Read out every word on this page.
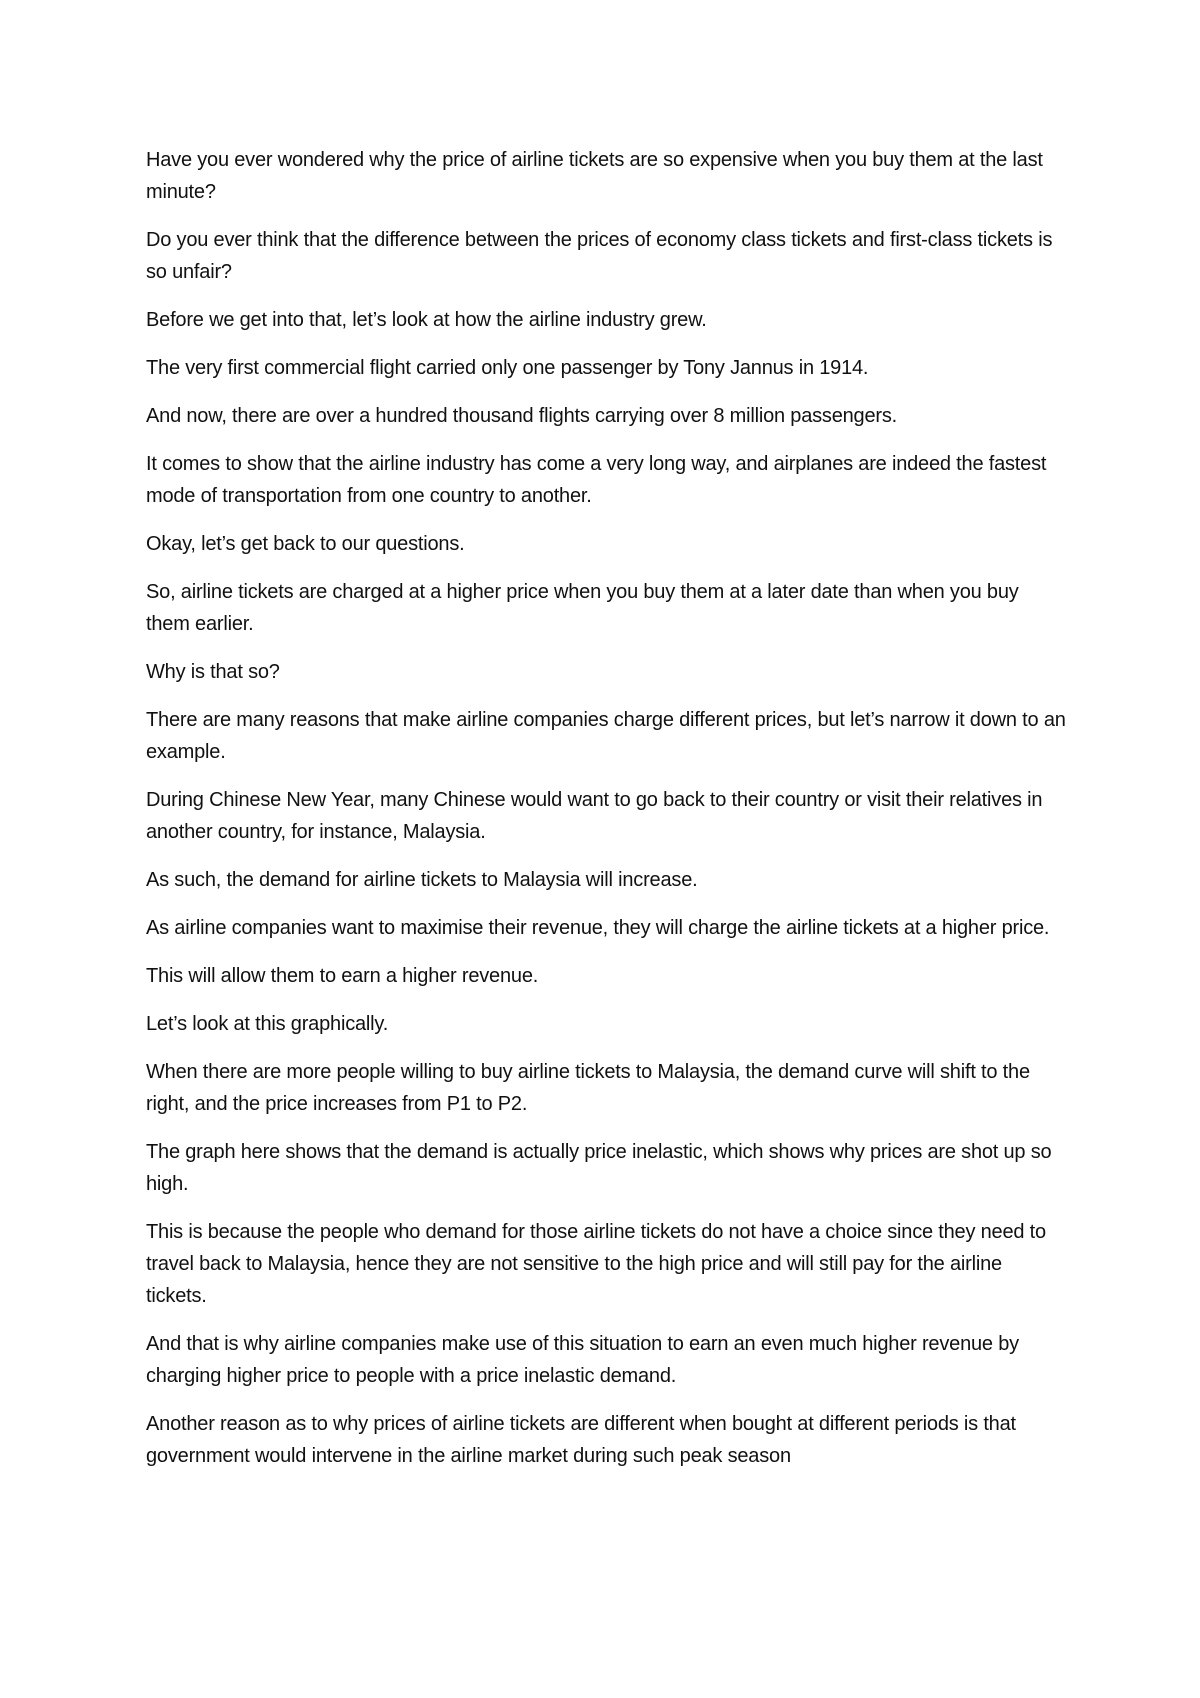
Have you ever wondered why the price of airline tickets are so expensive when you buy them at the last minute?

Do you ever think that the difference between the prices of economy class tickets and first-class tickets is so unfair?

Before we get into that, let’s look at how the airline industry grew.

The very first commercial flight carried only one passenger by Tony Jannus in 1914.

And now, there are over a hundred thousand flights carrying over 8 million passengers.

It comes to show that the airline industry has come a very long way, and airplanes are indeed the fastest mode of transportation from one country to another.

Okay, let’s get back to our questions.

So, airline tickets are charged at a higher price when you buy them at a later date than when you buy them earlier.

Why is that so?

There are many reasons that make airline companies charge different prices, but let’s narrow it down to an example.

During Chinese New Year, many Chinese would want to go back to their country or visit their relatives in another country, for instance, Malaysia.

As such, the demand for airline tickets to Malaysia will increase.

As airline companies want to maximise their revenue, they will charge the airline tickets at a higher price.

This will allow them to earn a higher revenue.

Let’s look at this graphically.

When there are more people willing to buy airline tickets to Malaysia, the demand curve will shift to the right, and the price increases from P1 to P2.

The graph here shows that the demand is actually price inelastic, which shows why prices are shot up so high.

This is because the people who demand for those airline tickets do not have a choice since they need to travel back to Malaysia, hence they are not sensitive to the high price and will still pay for the airline tickets.

And that is why airline companies make use of this situation to earn an even much higher revenue by charging higher price to people with a price inelastic demand.

Another reason as to why prices of airline tickets are different when bought at different periods is that government would intervene in the airline market during such peak season
